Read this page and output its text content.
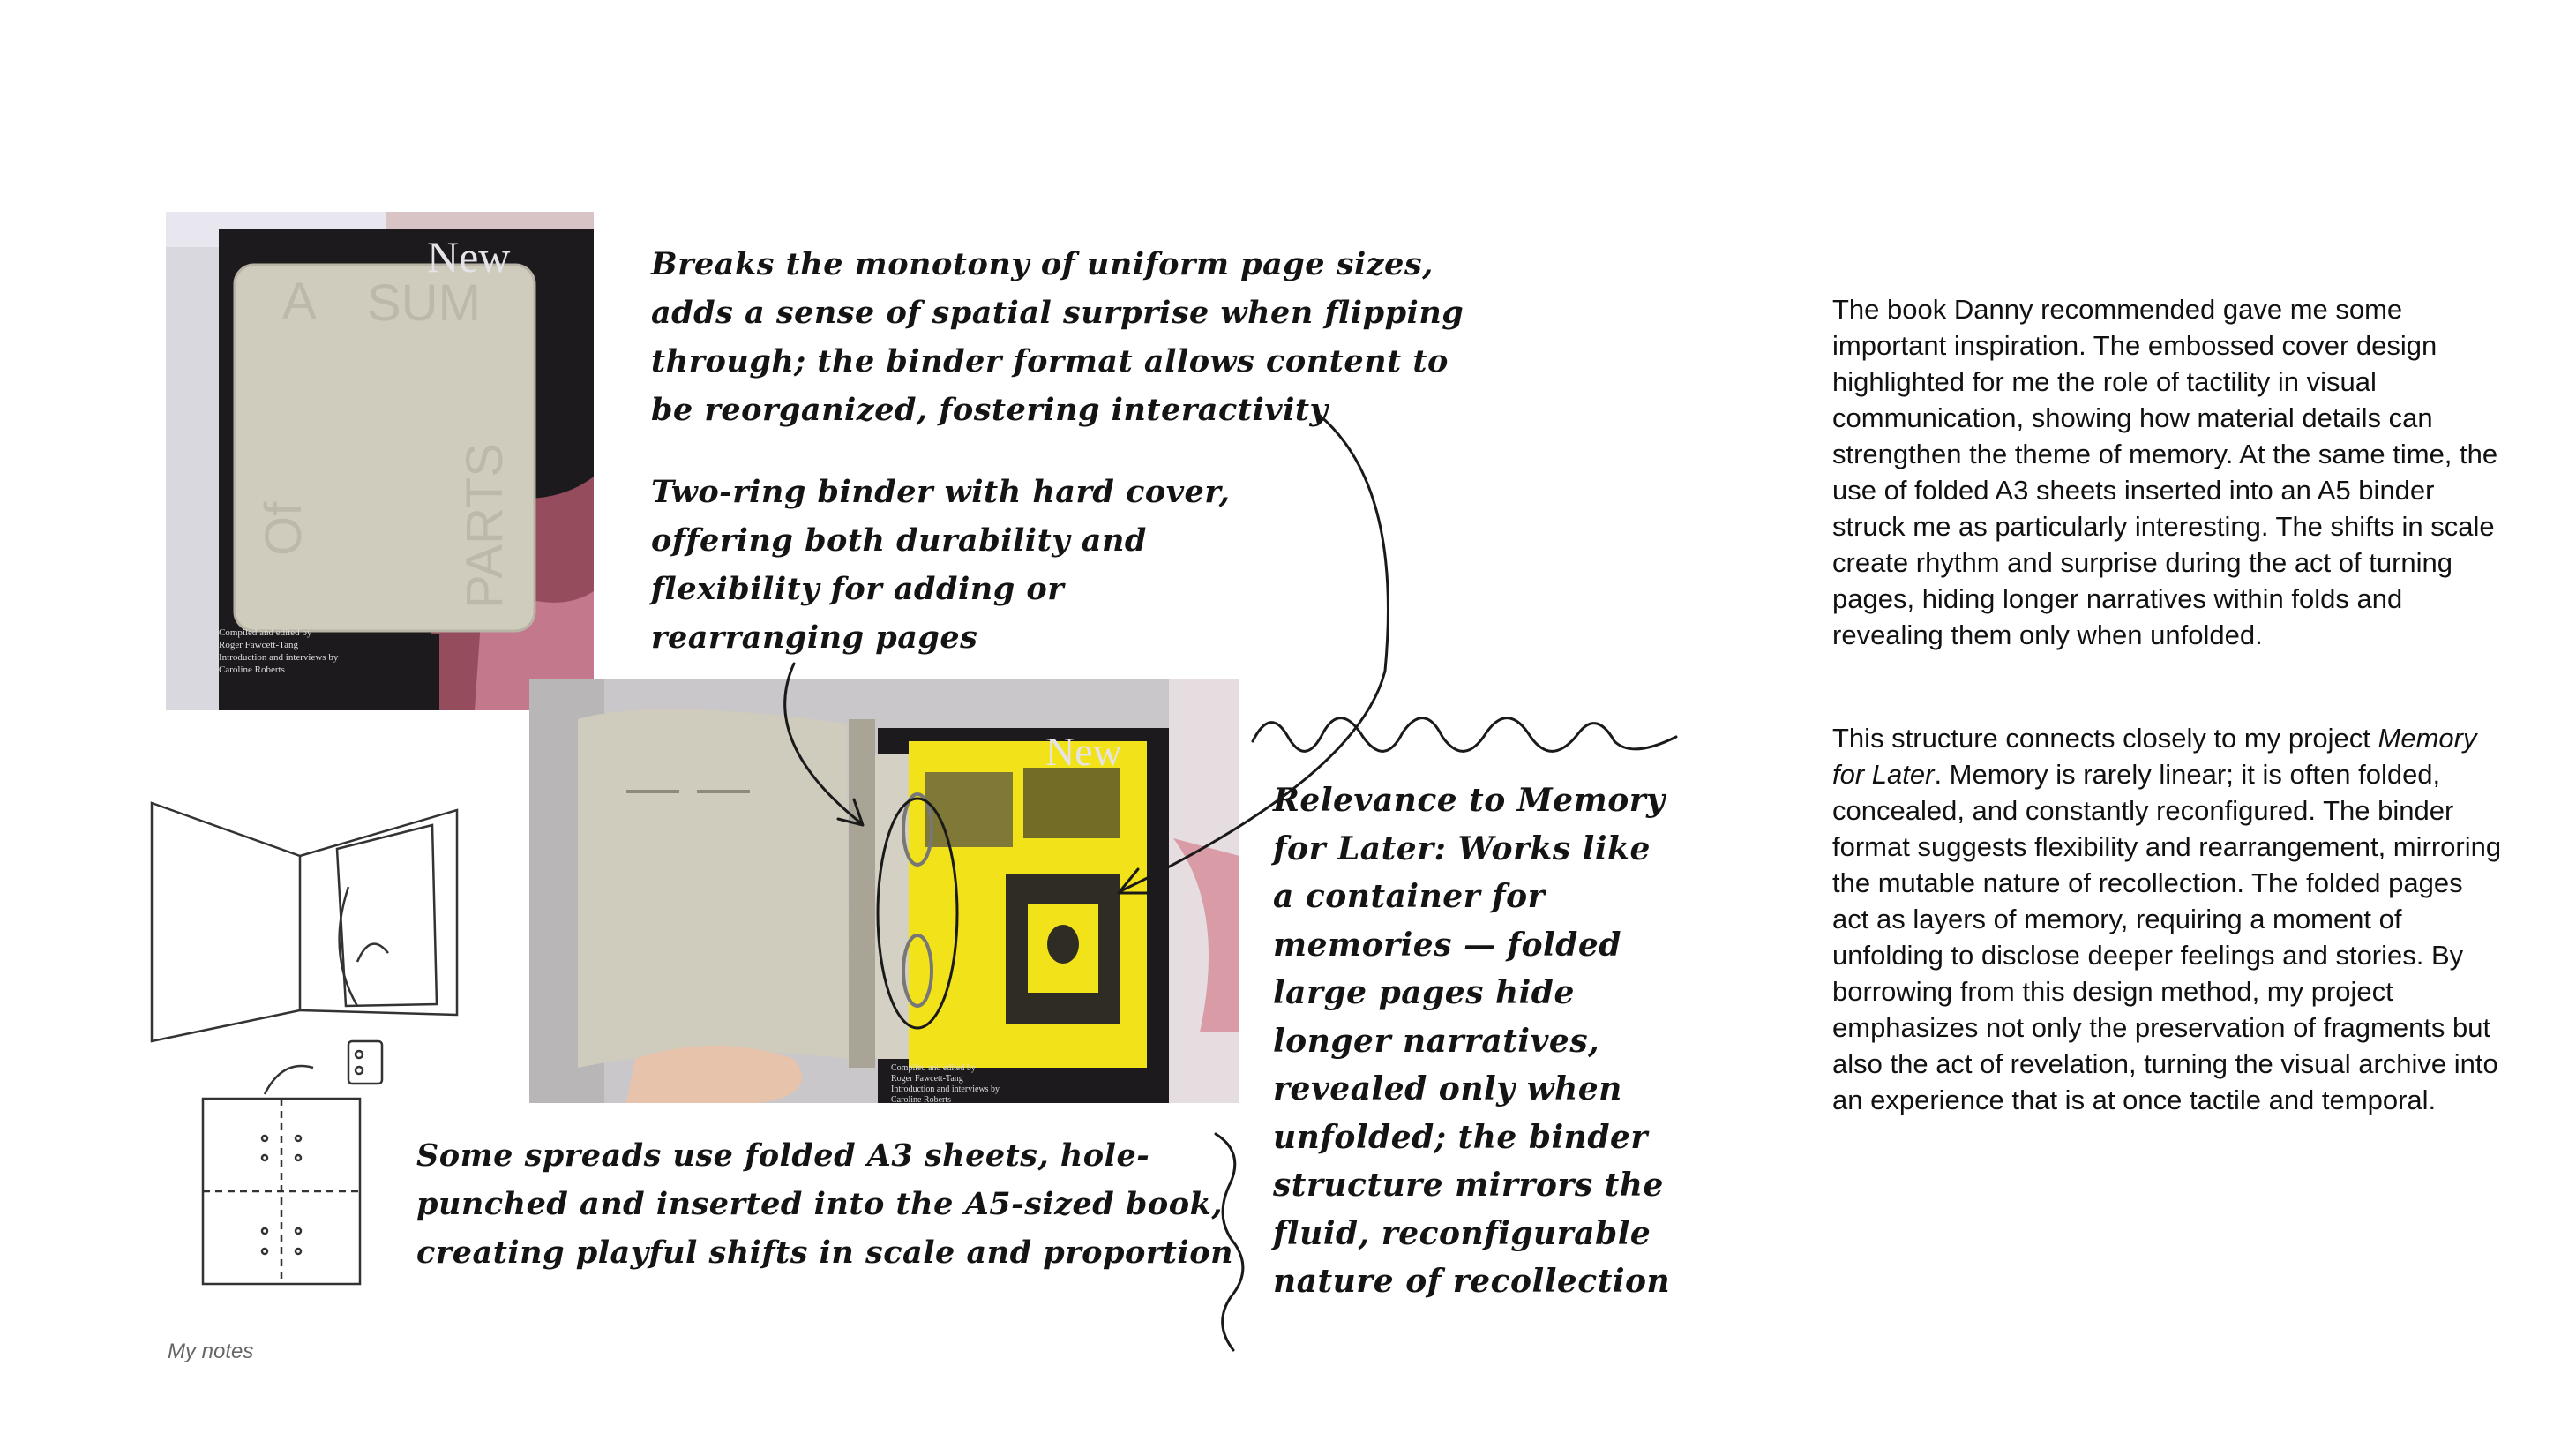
New
A SUM
Of	PARTS
Compiled and edited by
Roger Fawcett-Tang
Introduction and interviews by
Caroline Roberts
New
Compiled and edited by
Roger Fawcett-Tang
Introduction and interviews by
Caroline Roberts
Breaks the monotony of uniform page sizes,
adds a sense of spatial surprise when flipping
through; the binder format allows content to
be reorganized, fostering interactivity
Two-ring binder with hard cover,
offering both durability and
flexibility for adding or
rearranging pages
Relevance to Memory
for Later: Works like
a container for
memories — folded
large pages hide
longer narratives,
revealed only when
unfolded; the binder
structure mirrors the
fluid, reconfigurable
nature of recollection
Some spreads use folded A3 sheets, hole-
punched and inserted into the A5-sized book,
creating playful shifts in scale and proportion

The book Danny recommended gave me some important inspiration. The embossed cover design highlighted for me the role of tactility in visual communication, showing how material details can strengthen the theme of memory. At the same time, the use of folded A3 sheets inserted into an A5 binder struck me as particularly interesting. The shifts in scale create rhythm and surprise during the act of turning pages, hiding longer narratives within folds and revealing them only when unfolded.

This structure connects closely to my project Memory for Later. Memory is rarely linear; it is often folded, concealed, and constantly reconfigured. The binder format suggests flexibility and rearrangement, mirroring the mutable nature of recollection. The folded pages act as layers of memory, requiring a moment of unfolding to disclose deeper feelings and stories. By borrowing from this design method, my project emphasizes not only the preservation of fragments but also the act of revelation, turning the visual archive into an experience that is at once tactile and temporal.

My notes
